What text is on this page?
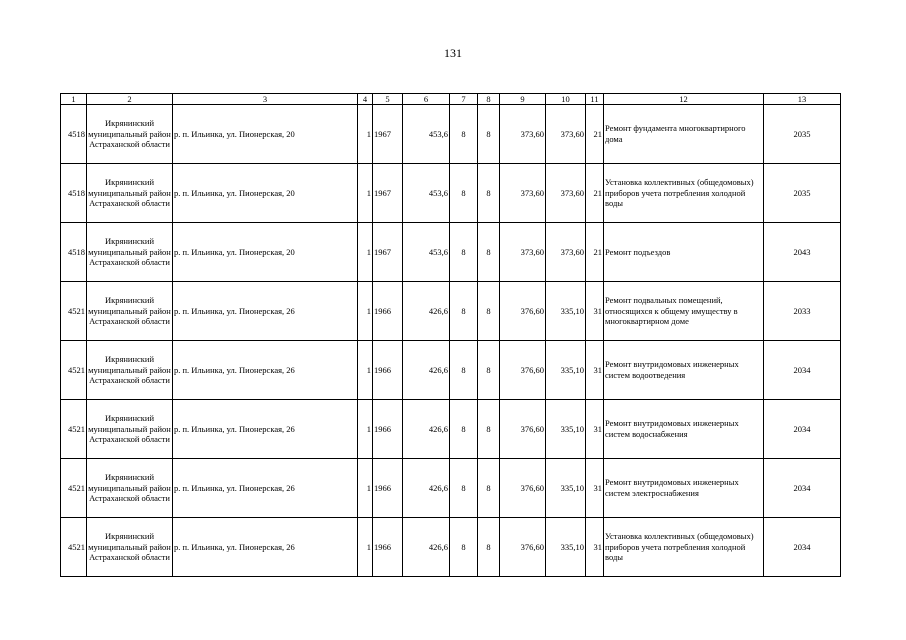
131
1	2	3	4	5	6	7	8	9	10	11	12	13
4518	Икрянинский муниципальный район Астраханской области	р. п. Ильинка, ул. Пионерская, 20	1	1967	453,6	8	8	373,60	373,60	21	Ремонт фундамента многоквартирного дома	2035
4518	Икрянинский муниципальный район Астраханской области	р. п. Ильинка, ул. Пионерская, 20	1	1967	453,6	8	8	373,60	373,60	21	Установка коллективных (общедомовых) приборов учета потребления холодной воды	2035
4518	Икрянинский муниципальный район Астраханской области	р. п. Ильинка, ул. Пионерская, 20	1	1967	453,6	8	8	373,60	373,60	21	Ремонт подъездов	2043
4521	Икрянинский муниципальный район Астраханской области	р. п. Ильинка, ул. Пионерская, 26	1	1966	426,6	8	8	376,60	335,10	31	Ремонт подвальных помещений, относящихся к общему имуществу в многоквартирном доме	2033
4521	Икрянинский муниципальный район Астраханской области	р. п. Ильинка, ул. Пионерская, 26	1	1966	426,6	8	8	376,60	335,10	31	Ремонт внутридомовых инженерных систем водоотведения	2034
4521	Икрянинский муниципальный район Астраханской области	р. п. Ильинка, ул. Пионерская, 26	1	1966	426,6	8	8	376,60	335,10	31	Ремонт внутридомовых инженерных систем водоснабжения	2034
4521	Икрянинский муниципальный район Астраханской области	р. п. Ильинка, ул. Пионерская, 26	1	1966	426,6	8	8	376,60	335,10	31	Ремонт внутридомовых инженерных систем электроснабжения	2034
4521	Икрянинский муниципальный район Астраханской области	р. п. Ильинка, ул. Пионерская, 26	1	1966	426,6	8	8	376,60	335,10	31	Установка коллективных (общедомовых) приборов учета потребления холодной воды	2034
